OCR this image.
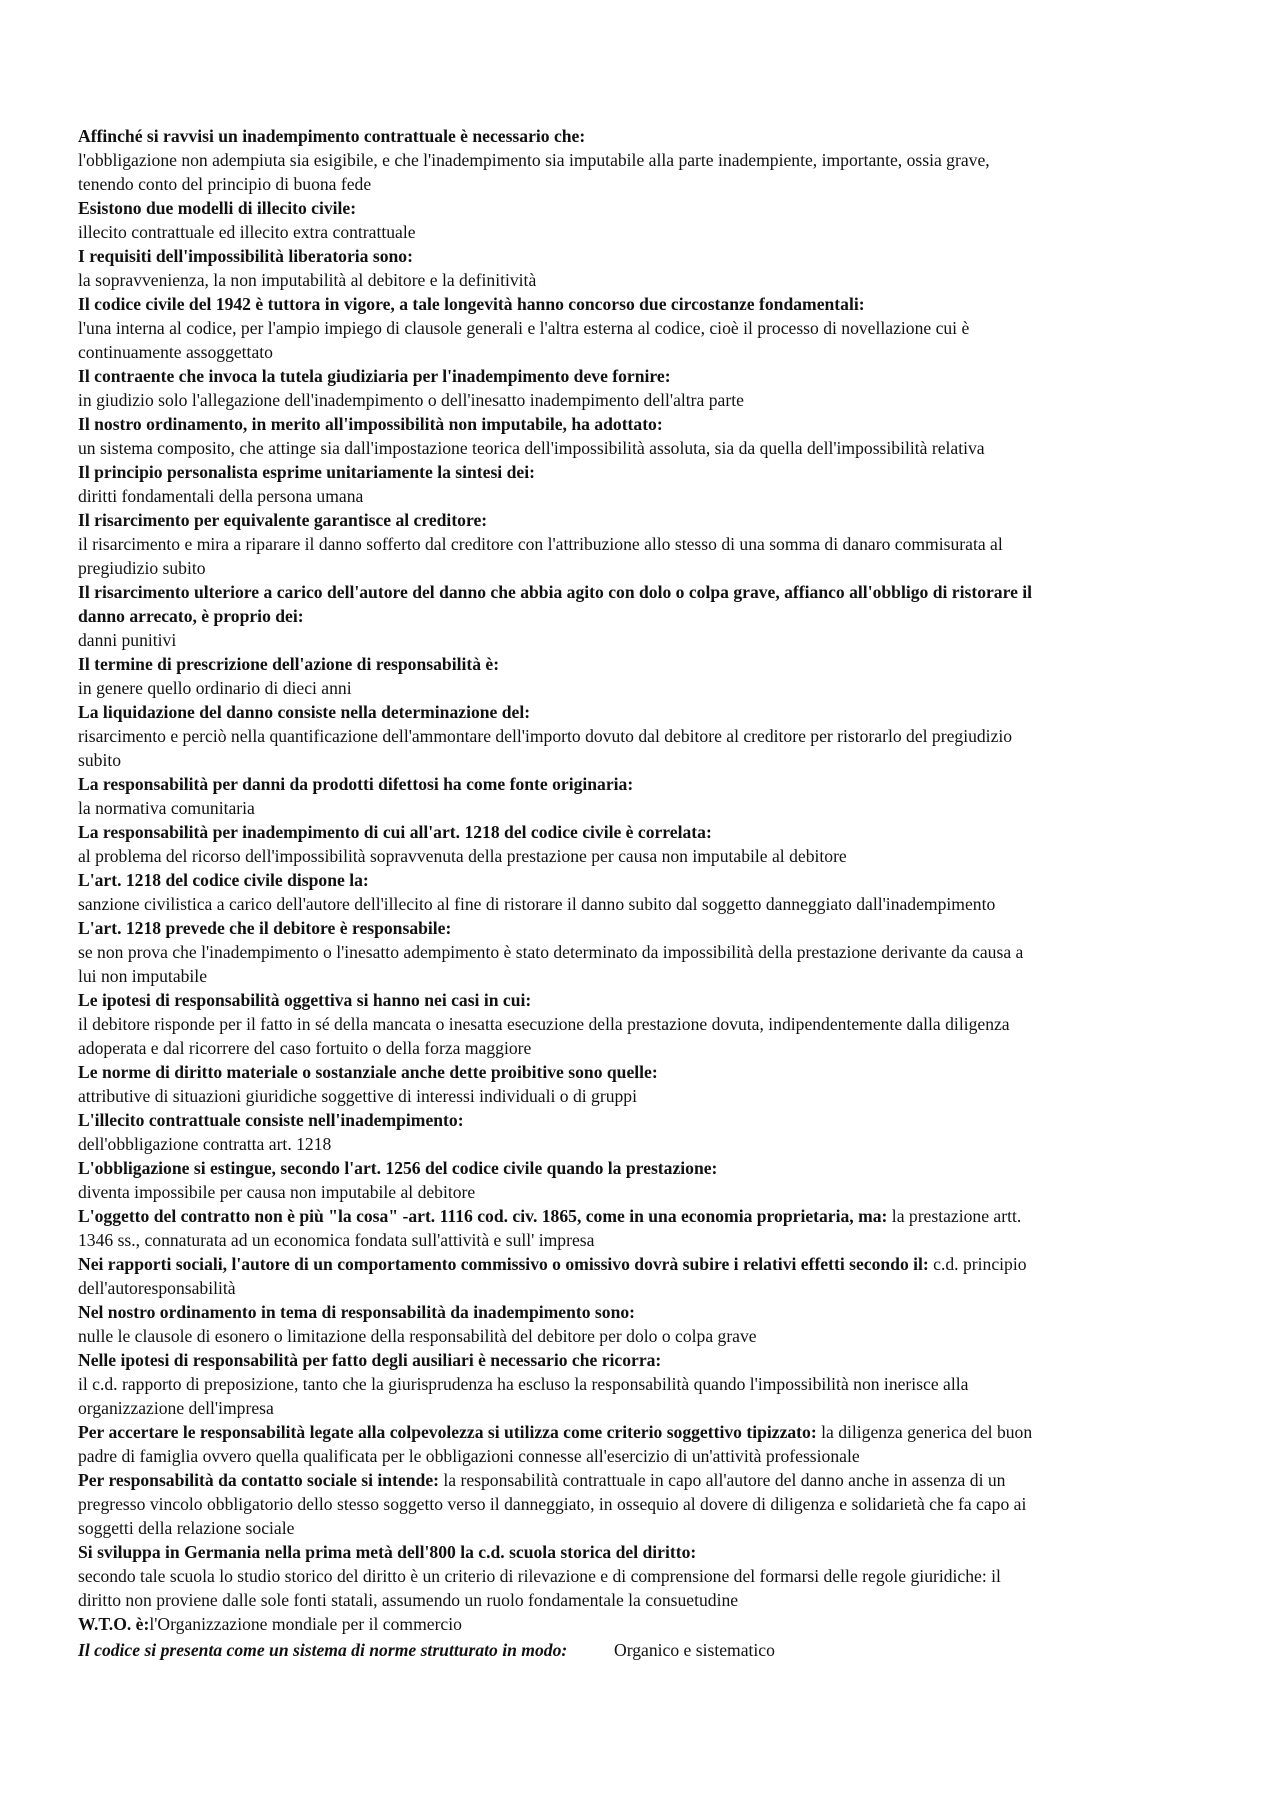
Affinché si ravvisi un inadempimento contrattuale è necessario che:
l'obbligazione non adempiuta sia esigibile, e che l'inadempimento sia imputabile alla parte inadempiente, importante, ossia grave, tenendo conto del principio di buona fede
Esistono due modelli di illecito civile:
illecito contrattuale ed illecito extra contrattuale
I requisiti dell'impossibilità liberatoria sono:
la sopravvenienza, la non imputabilità al debitore e la definitività
Il codice civile del 1942 è tuttora in vigore, a tale longevità hanno concorso due circostanze fondamentali:
l'una interna al codice, per l'ampio impiego di clausole generali e l'altra esterna al codice, cioè il processo di novellazione cui è continuamente assoggettato
Il contraente che invoca la tutela giudiziaria per l'inadempimento deve fornire:
in giudizio solo l'allegazione dell'inadempimento o dell'inesatto inadempimento dell'altra parte
Il nostro ordinamento, in merito all'impossibilità non imputabile, ha adottato:
un sistema composito, che attinge sia dall'impostazione teorica dell'impossibilità assoluta, sia da quella dell'impossibilità relativa
Il principio personalista esprime unitariamente la sintesi dei:
diritti fondamentali della persona umana
Il risarcimento per equivalente garantisce al creditore:
il risarcimento e mira a riparare il danno sofferto dal creditore con l'attribuzione allo stesso di una somma di danaro commisurata al pregiudizio subito
Il risarcimento ulteriore a carico dell'autore del danno che abbia agito con dolo o colpa grave, affianco all'obbligo di ristorare il danno arrecato, è proprio dei:
danni punitivi
Il termine di prescrizione dell'azione di responsabilità è:
in genere quello ordinario di dieci anni
La liquidazione del danno consiste nella determinazione del:
risarcimento e perciò nella quantificazione dell'ammontare dell'importo dovuto dal debitore al creditore per ristorarlo del pregiudizio subito
La responsabilità per danni da prodotti difettosi ha come fonte originaria:
la normativa comunitaria
La responsabilità per inadempimento di cui all'art. 1218 del codice civile è correlata:
al problema del ricorso dell'impossibilità sopravvenuta della prestazione per causa non imputabile al debitore
L'art. 1218 del codice civile dispone la:
sanzione civilistica a carico dell'autore dell'illecito al fine di ristorare il danno subito dal soggetto danneggiato dall'inadempimento
L'art. 1218 prevede che il debitore è responsabile:
se non prova che l'inadempimento o l'inesatto adempimento è stato determinato da impossibilità della prestazione derivante da causa a lui non imputabile
Le ipotesi di responsabilità oggettiva si hanno nei casi in cui:
il debitore risponde per il fatto in sé della mancata o inesatta esecuzione della prestazione dovuta, indipendentemente dalla diligenza adoperata e dal ricorrere del caso fortuito o della forza maggiore
Le norme di diritto materiale o sostanziale anche dette proibitive sono quelle:
attributive di situazioni giuridiche soggettive di interessi individuali o di gruppi
L'illecito contrattuale consiste nell'inadempimento:
dell'obbligazione contratta art. 1218
L'obbligazione si estingue, secondo l'art. 1256 del codice civile quando la prestazione:
diventa impossibile per causa non imputabile al debitore
L'oggetto del contratto non è più "la cosa" -art. 1116 cod. civ. 1865, come in una economia proprietaria, ma: la prestazione artt. 1346 ss., connaturata ad un economica fondata sull'attività e sull' impresa
Nei rapporti sociali, l'autore di un comportamento commissivo o omissivo dovrà subire i relativi effetti secondo il: c.d. principio dell'autoresponsabilità
Nel nostro ordinamento in tema di responsabilità da inadempimento sono:
nulle le clausole di esonero o limitazione della responsabilità del debitore per dolo o colpa grave
Nelle ipotesi di responsabilità per fatto degli ausiliari è necessario che ricorra:
il c.d. rapporto di preposizione, tanto che la giurisprudenza ha escluso la responsabilità quando l'impossibilità non inerisce alla organizzazione dell'impresa
Per accertare le responsabilità legate alla colpevolezza si utilizza come criterio soggettivo tipizzato: la diligenza generica del buon padre di famiglia ovvero quella qualificata per le obbligazioni connesse all'esercizio di un'attività professionale
Per responsabilità da contatto sociale si intende: la responsabilità contrattuale in capo all'autore del danno anche in assenza di un pregresso vincolo obbligatorio dello stesso soggetto verso il danneggiato, in ossequio al dovere di diligenza e solidarietà che fa capo ai soggetti della relazione sociale
Si sviluppa in Germania nella prima metà dell'800 la c.d. scuola storica del diritto:
secondo tale scuola lo studio storico del diritto è un criterio di rilevazione e di comprensione del formarsi delle regole giuridiche: il diritto non proviene dalle sole fonti statali, assumendo un ruolo fondamentale la consuetudine
W.T.O. è:l'Organizzazione mondiale per il commercio
Il codice si presenta come un sistema di norme strutturato in modo:	Organico e sistematico
